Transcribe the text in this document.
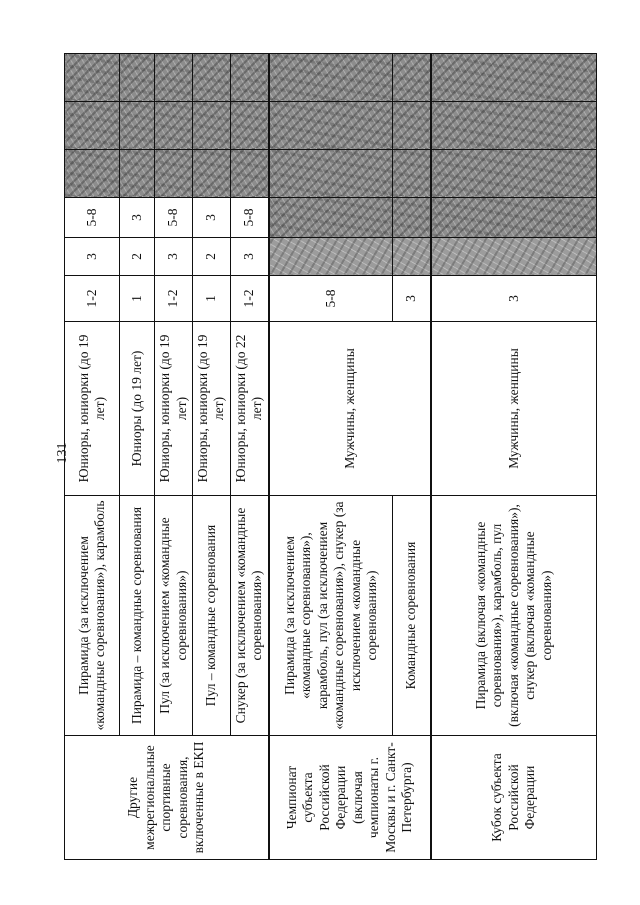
131
Другие межрегиональные спортивные соревнования, включенные в ЕКП	Пирамида (за исключением «командные соревнования»), карамболь	Юниоры, юниорки (до 19 лет)	1-2	3	5-8			
	Пирамида – командные соревнования	Юниоры (до 19 лет)	1	2	3			
	Пул (за исключением «командные соревнования»)	Юниоры, юниорки (до 19 лет)	1-2	3	5-8			
	Пул – командные соревнования	Юниоры, юниорки (до 19 лет)	1	2	3			
	Снукер (за исключением «командные соревнования»)	Юниоры, юниорки (до 22 лет)	1-2	3	5-8			
Чемпионат субъекта Российской Федерации (включая чемпионаты г. Москвы и г. Санкт-Петербурга)	Пирамида (за исключением «командные соревнования»), карамболь, пул (за исключением «командные соревнования»), снукер (за исключением «командные соревнования»)	Мужчины, женщины	5-8					
	Командные соревнования		3					
Кубок субъекта Российской Федерации	Пирамида (включая «командные соревнования»), карамболь, пул (включая «командные соревнования»), снукер (включая «командные соревнования»)	Мужчины, женщины	3					
